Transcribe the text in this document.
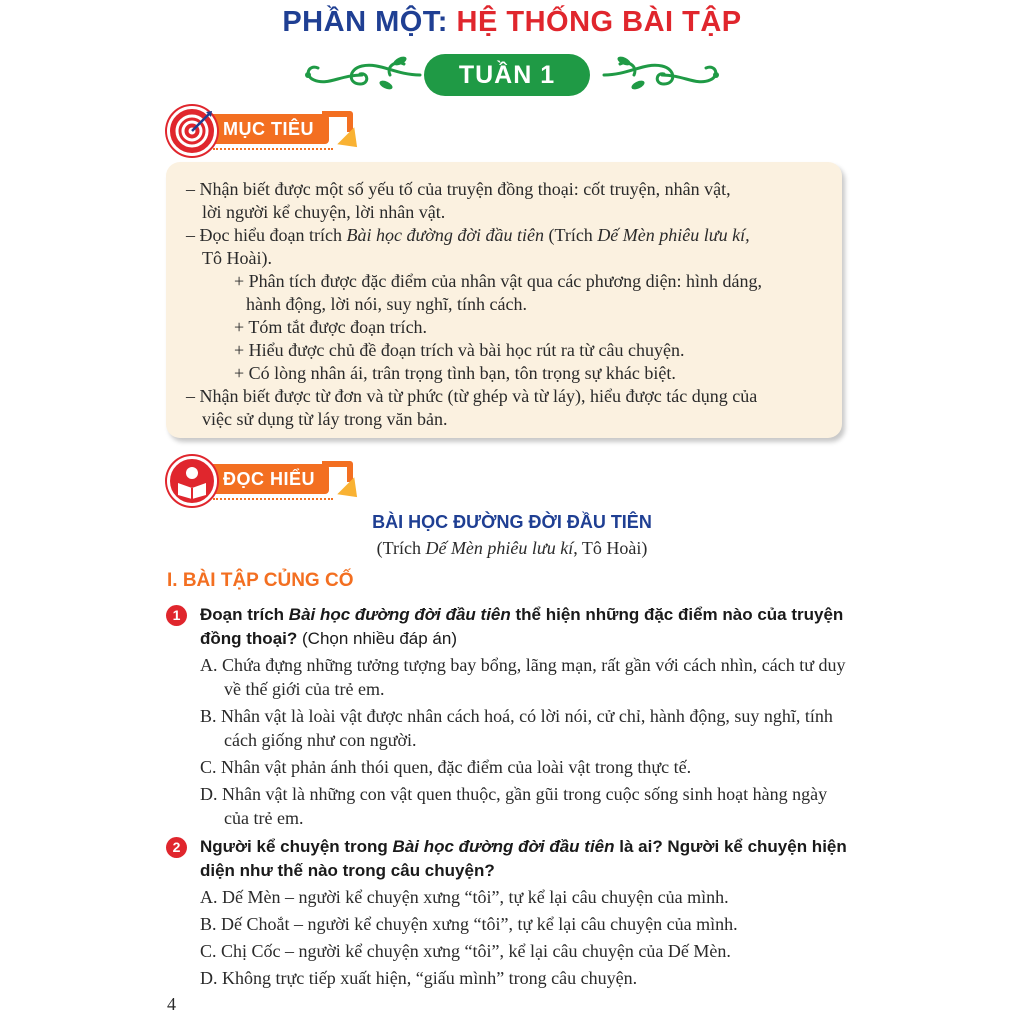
PHẦN MỘT: HỆ THỐNG BÀI TẬP
TUẦN 1
MỤC TIÊU

– Nhận biết được một số yếu tố của truyện đồng thoại: cốt truyện, nhân vật,

lời người kể chuyện, lời nhân vật.

– Đọc hiểu đoạn trích Bài học đường đời đầu tiên (Trích Dế Mèn phiêu lưu kí,

Tô Hoài).

+ Phân tích được đặc điểm của nhân vật qua các phương diện: hình dáng,

hành động, lời nói, suy nghĩ, tính cách.

+ Tóm tắt được đoạn trích.

+ Hiểu được chủ đề đoạn trích và bài học rút ra từ câu chuyện.

+ Có lòng nhân ái, trân trọng tình bạn, tôn trọng sự khác biệt.

– Nhận biết được từ đơn và từ phức (từ ghép và từ láy), hiểu được tác dụng của

việc sử dụng từ láy trong văn bản.

ĐỌC HIỂU
BÀI HỌC ĐƯỜNG ĐỜI ĐẦU TIÊN
(Trích Dế Mèn phiêu lưu kí, Tô Hoài)
I. BÀI TẬP CỦNG CỐ
1	Đoạn trích Bài học đường đời đầu tiên thể hiện những đặc điểm nào của truyện đồng thoại? (Chọn nhiều đáp án)

A. Chứa đựng những tưởng tượng bay bổng, lãng mạn, rất gần với cách nhìn, cách tư duy về thế giới của trẻ em.

B. Nhân vật là loài vật được nhân cách hoá, có lời nói, cử chỉ, hành động, suy nghĩ, tính cách giống như con người.

C. Nhân vật phản ánh thói quen, đặc điểm của loài vật trong thực tế.

D. Nhân vật là những con vật quen thuộc, gần gũi trong cuộc sống sinh hoạt hàng ngày của trẻ em.

2	Người kể chuyện trong Bài học đường đời đầu tiên là ai? Người kể chuyện hiện diện như thế nào trong câu chuyện?

A. Dế Mèn – người kể chuyện xưng “tôi”, tự kể lại câu chuyện của mình.

B. Dế Choắt – người kể chuyện xưng “tôi”, tự kể lại câu chuyện của mình.

C. Chị Cốc – người kể chuyện xưng “tôi”, kể lại câu chuyện của Dế Mèn.

D. Không trực tiếp xuất hiện, “giấu mình” trong câu chuyện.

4
